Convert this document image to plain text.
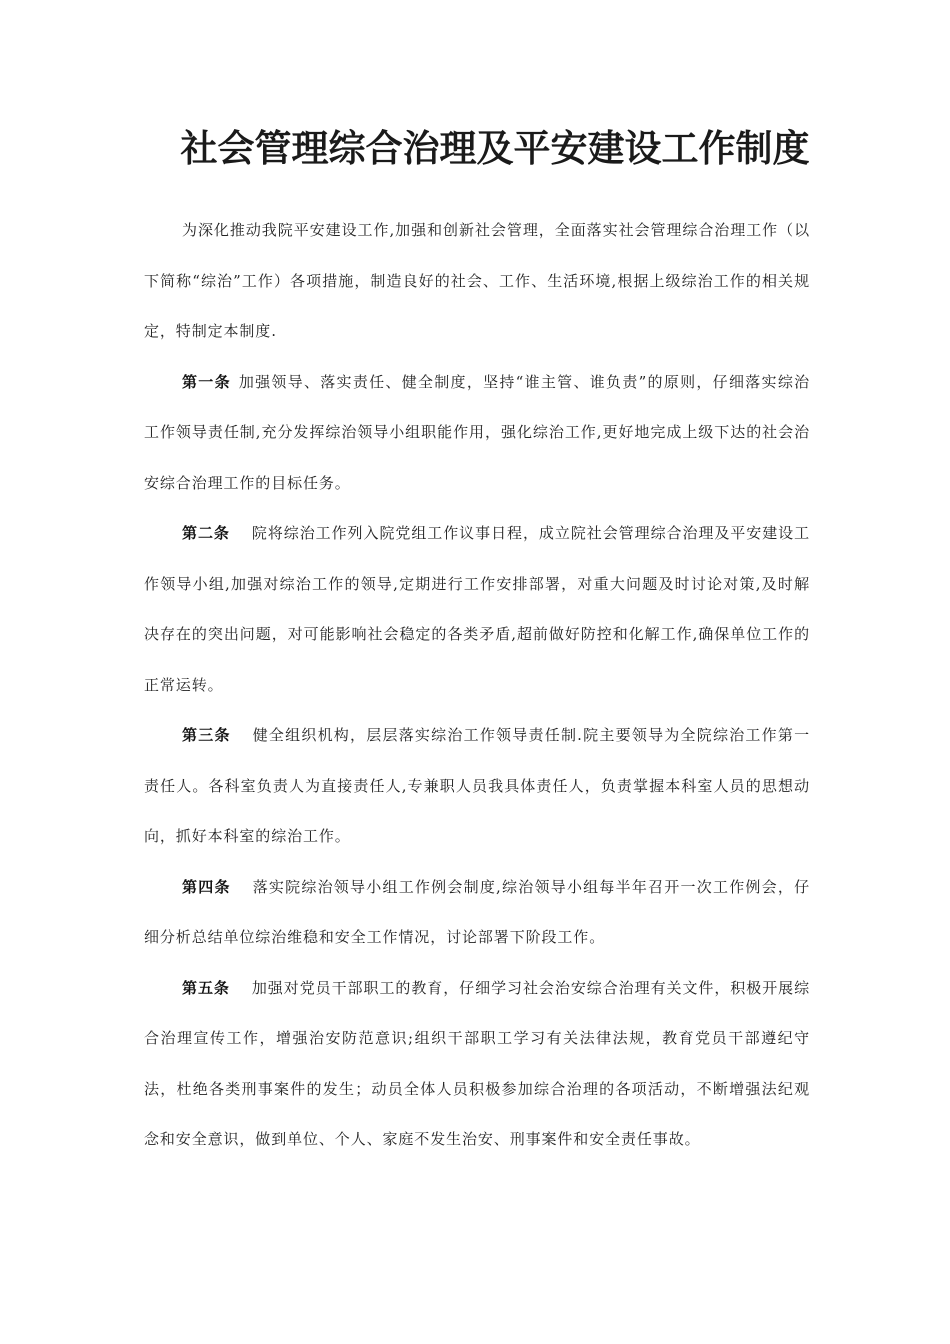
社会管理综合治理及平安建设工作制度

为深化推动我院平安建设工作,加强和创新社会管理，全面落实社会管理综合治理工作（以下简称“综治”工作）各项措施，制造良好的社会、工作、生活环境,根据上级综治工作的相关规定，特制定本制度.

第一条 加强领导、落实责任、健全制度，坚持“谁主管、谁负责”的原则，仔细落实综治工作领导责任制,充分发挥综治领导小组职能作用，强化综治工作,更好地完成上级下达的社会治安综合治理工作的目标任务。

第二条 院将综治工作列入院党组工作议事日程，成立院社会管理综合治理及平安建设工作领导小组,加强对综治工作的领导,定期进行工作安排部署，对重大问题及时讨论对策,及时解决存在的突出问题，对可能影响社会稳定的各类矛盾,超前做好防控和化解工作,确保单位工作的正常运转。

第三条 健全组织机构，层层落实综治工作领导责任制.院主要领导为全院综治工作第一责任人。各科室负责人为直接责任人,专兼职人员我具体责任人，负责掌握本科室人员的思想动向，抓好本科室的综治工作。

第四条 落实院综治领导小组工作例会制度,综治领导小组每半年召开一次工作例会，仔细分析总结单位综治维稳和安全工作情况，讨论部署下阶段工作。

第五条 加强对党员干部职工的教育，仔细学习社会治安综合治理有关文件，积极开展综合治理宣传工作，增强治安防范意识;组织干部职工学习有关法律法规，教育党员干部遵纪守法，杜绝各类刑事案件的发生；动员全体人员积极参加综合治理的各项活动，不断增强法纪观念和安全意识，做到单位、个人、家庭不发生治安、刑事案件和安全责任事故。
